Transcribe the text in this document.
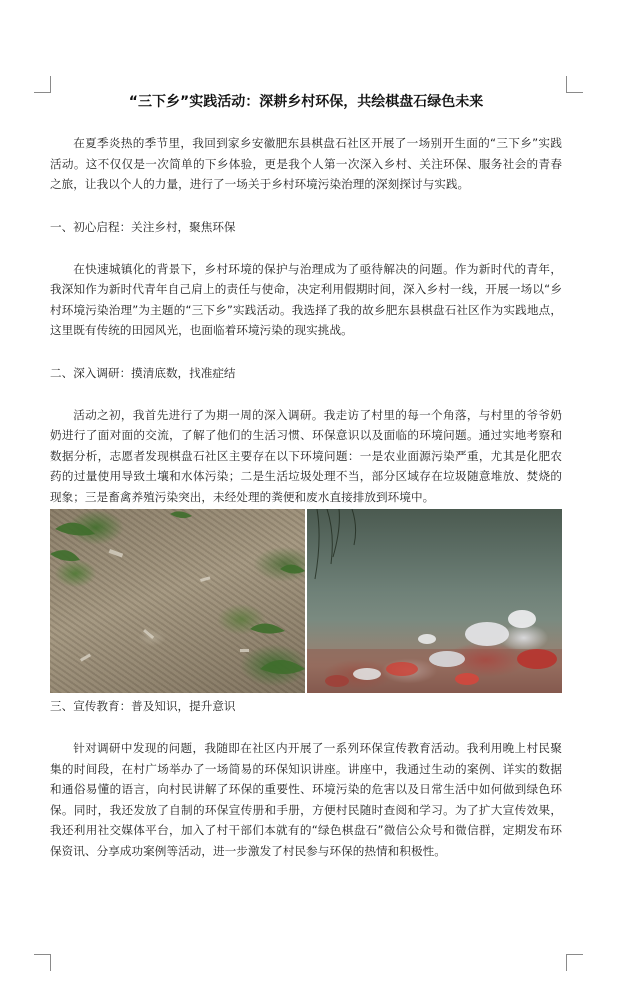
“三下乡”实践活动：深耕乡村环保，共绘棋盘石绿色未来

在夏季炎热的季节里，我回到家乡安徽肥东县棋盘石社区开展了一场别开生面的“三下乡”实践活动。这不仅仅是一次简单的下乡体验，更是我个人第一次深入乡村、关注环保、服务社会的青春之旅，让我以个人的力量，进行了一场关于乡村环境污染治理的深刻探讨与实践。

一、初心启程：关注乡村，聚焦环保

在快速城镇化的背景下，乡村环境的保护与治理成为了亟待解决的问题。作为新时代的青年，我深知作为新时代青年自己肩上的责任与使命，决定利用假期时间，深入乡村一线，开展一场以“乡村环境污染治理”为主题的“三下乡”实践活动。我选择了我的故乡肥东县棋盘石社区作为实践地点，这里既有传统的田园风光，也面临着环境污染的现实挑战。

二、深入调研：摸清底数，找准症结

活动之初，我首先进行了为期一周的深入调研。我走访了村里的每一个角落，与村里的爷爷奶奶进行了面对面的交流，了解了他们的生活习惯、环保意识以及面临的环境问题。通过实地考察和数据分析，志愿者发现棋盘石社区主要存在以下环境问题：一是农业面源污染严重，尤其是化肥农药的过量使用导致土壤和水体污染；二是生活垃圾处理不当，部分区域存在垃圾随意堆放、焚烧的现象；三是畜禽养殖污染突出，未经处理的粪便和废水直接排放到环境中。

三、宣传教育：普及知识，提升意识

针对调研中发现的问题，我随即在社区内开展了一系列环保宣传教育活动。我利用晚上村民聚集的时间段，在村广场举办了一场简易的环保知识讲座。讲座中，我通过生动的案例、详实的数据和通俗易懂的语言，向村民讲解了环保的重要性、环境污染的危害以及日常生活中如何做到绿色环保。同时，我还发放了自制的环保宣传册和手册，方便村民随时查阅和学习。为了扩大宣传效果，我还利用社交媒体平台，加入了村干部们本就有的“绿色棋盘石”微信公众号和微信群，定期发布环保资讯、分享成功案例等活动，进一步激发了村民参与环保的热情和积极性。
